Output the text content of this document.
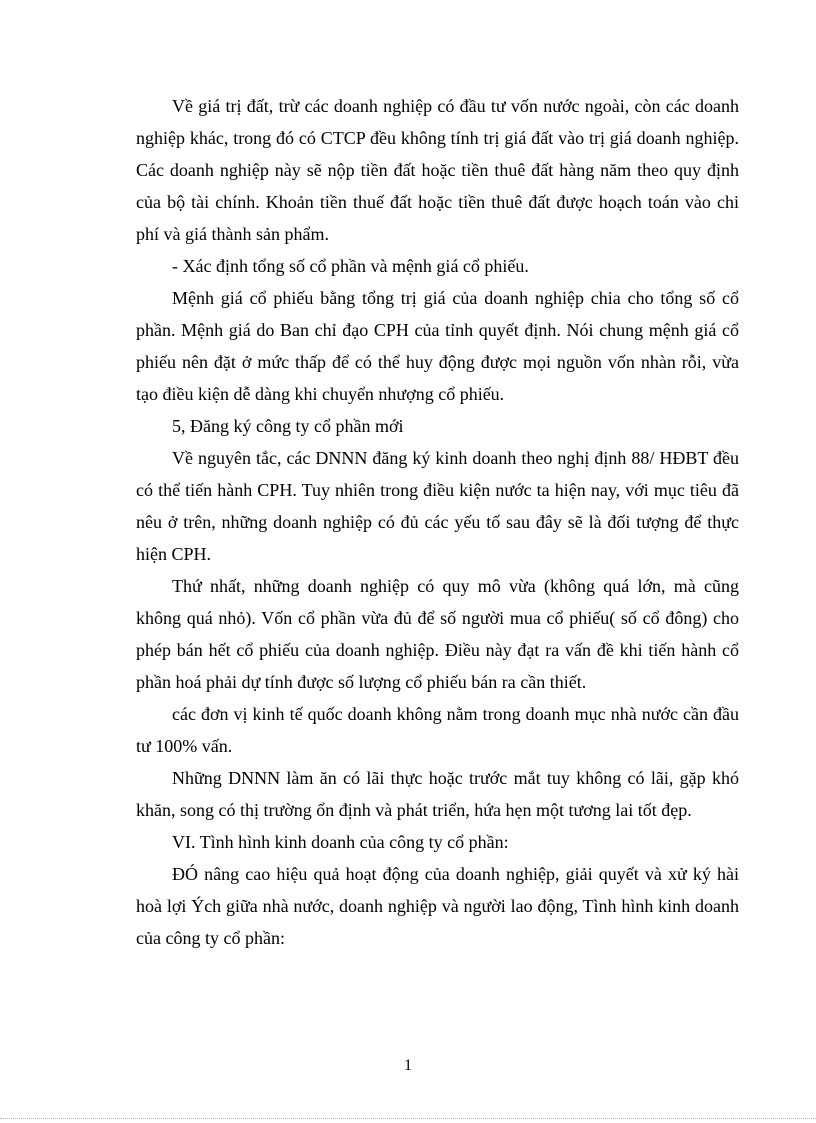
Về giá trị đất, trừ các doanh nghiệp có đầu tư vốn nước ngoài, còn các doanh nghiệp khác, trong đó có CTCP đều không tính trị giá đất vào trị giá doanh nghiệp. Các doanh nghiệp này sẽ nộp tiền đất hoặc tiền thuê đất hàng năm theo quy định của bộ tài chính. Khoản tiền thuế đất hoặc tiền thuê đất được hoạch toán vào chi phí và giá thành sản phẩm.

- Xác định tổng số cổ phần và mệnh giá cổ phiếu.

Mệnh giá cổ phiếu bằng tổng trị giá của doanh nghiệp chia cho tổng số cổ phần. Mệnh giá do Ban chỉ đạo CPH của tỉnh quyết định. Nói chung mệnh giá cổ phiếu nên đặt ở mức thấp để có thể huy động được mọi nguồn vốn nhàn rỗi, vừa tạo điều kiện dễ dàng khi chuyển nhượng cổ phiếu.

5, Đăng ký công ty cổ phần mới

Về nguyên tắc, các DNNN đăng ký kinh doanh theo nghị định 88/ HĐBT đều có thể tiến hành CPH. Tuy nhiên trong điều kiện nước ta hiện nay, với mục tiêu đã nêu ở trên, những doanh nghiệp có đủ các yếu tố sau đây sẽ là đối tượng để thực hiện CPH.

Thứ nhất, những doanh nghiệp có quy mô vừa (không quá lớn, mà cũng không quá nhỏ). Vốn cổ phần vừa đủ để số người mua cổ phiếu( số cổ đông) cho phép bán hết cổ phiếu của doanh nghiệp. Điều này đạt ra vấn đề khi tiến hành cổ phần hoá phải dự tính được số lượng cổ phiếu bán ra cần thiết.

các đơn vị kinh tế quốc doanh không nằm trong doanh mục nhà nước cần đầu tư 100% vấn.

Những DNNN làm ăn có lãi thực hoặc trước mắt tuy không có lãi, gặp khó khăn, song có thị trường ổn định và phát triển, hứa hẹn một tương lai tốt đẹp.

VI. Tình hình kinh doanh của công ty cổ phần:

ĐÓ nâng cao hiệu quả hoạt động của doanh nghiệp, giải quyết và xử ký hài hoà lợi Ých giữa nhà nước, doanh nghiệp và người lao động, Tình hình kinh doanh của công ty cổ phần:

1
